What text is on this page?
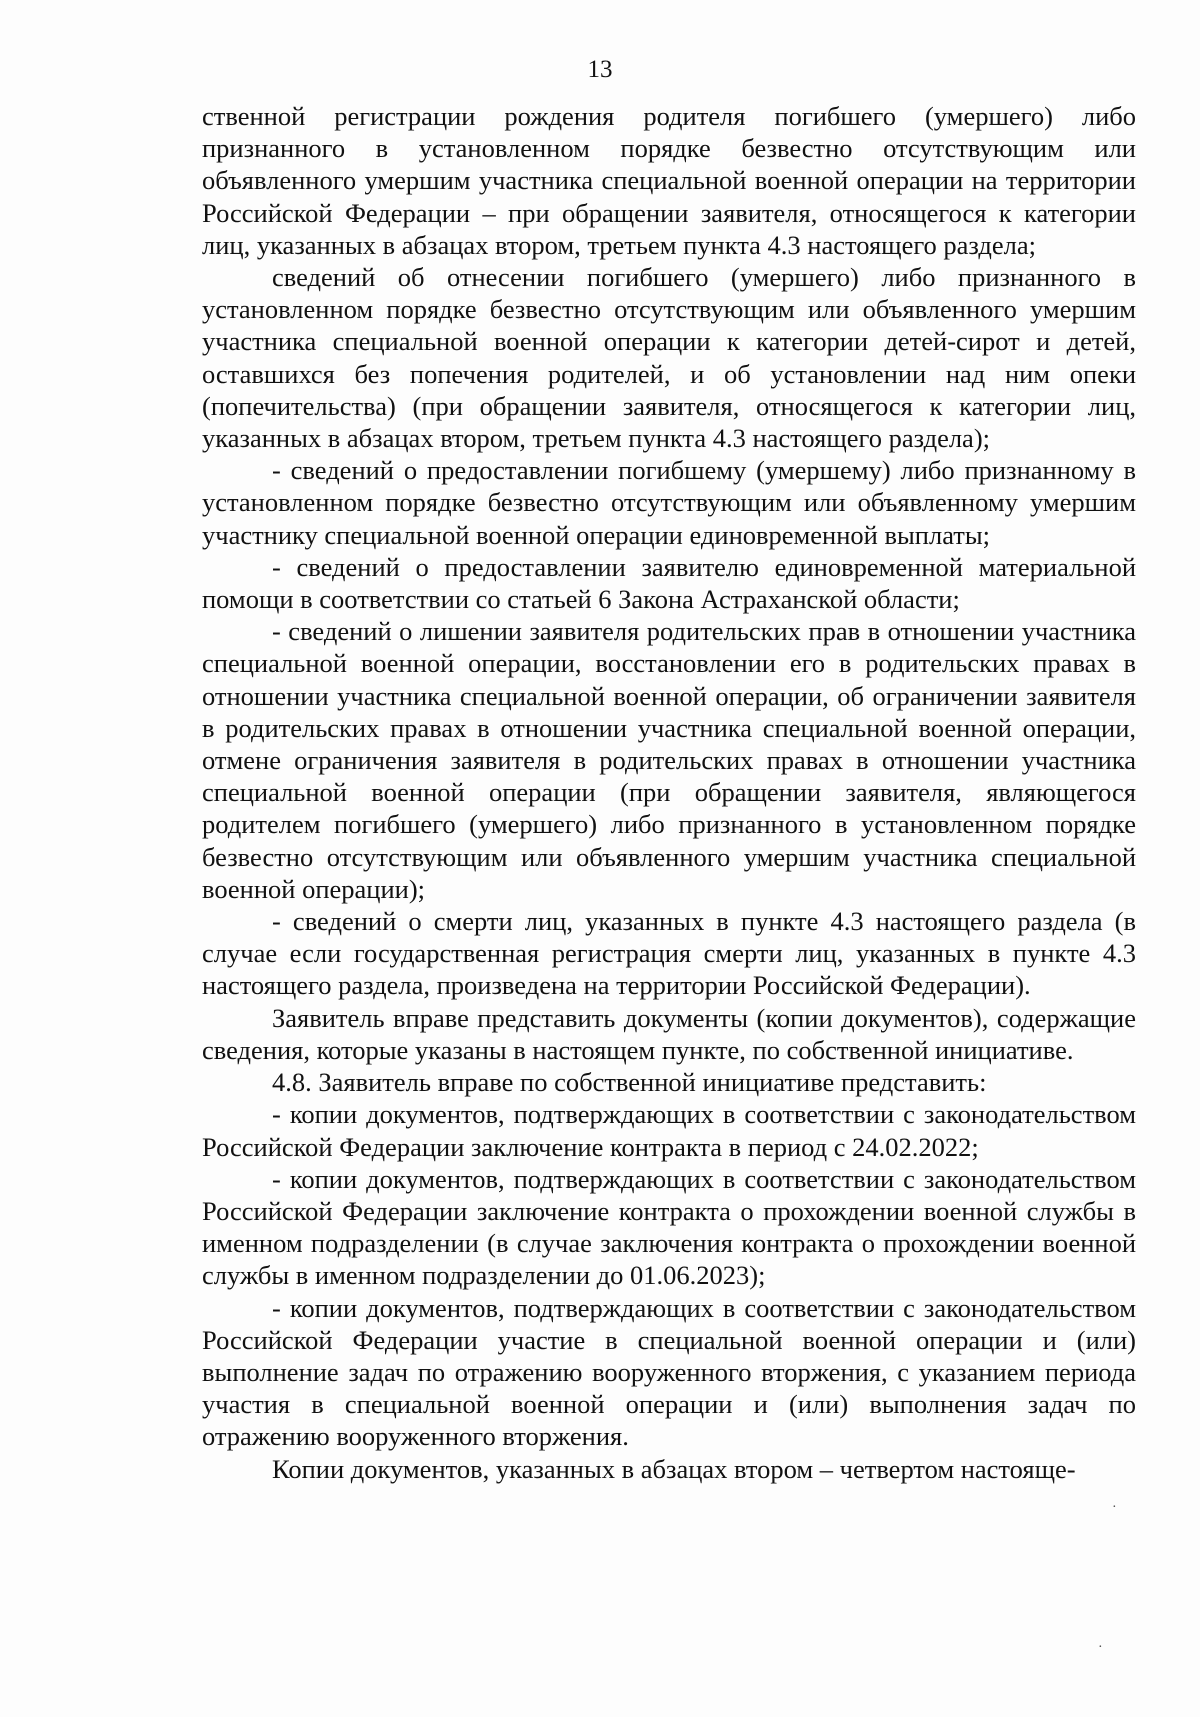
13

ственной регистрации рождения родителя погибшего (умершего) либо признанного в установленном порядке безвестно отсутствующим или объявленного умершим участника специальной военной операции на территории Российской Федерации – при обращении заявителя, относящегося к категории лиц, указанных в абзацах втором, третьем пункта 4.3 настоящего раздела;

сведений об отнесении погибшего (умершего) либо признанного в установленном порядке безвестно отсутствующим или объявленного умершим участника специальной военной операции к категории детей-сирот и детей, оставшихся без попечения родителей, и об установлении над ним опеки (попечительства) (при обращении заявителя, относящегося к категории лиц, указанных в абзацах втором, третьем пункта 4.3 настоящего раздела);

- сведений о предоставлении погибшему (умершему) либо признанному в установленном порядке безвестно отсутствующим или объявленному умершим участнику специальной военной операции единовременной выплаты;

- сведений о предоставлении заявителю единовременной материальной помощи в соответствии со статьей 6 Закона Астраханской области;

- сведений о лишении заявителя родительских прав в отношении участника специальной военной операции, восстановлении его в родительских правах в отношении участника специальной военной операции, об ограничении заявителя в родительских правах в отношении участника специальной военной операции, отмене ограничения заявителя в родительских правах в отношении участника специальной военной операции (при обращении заявителя, являющегося родителем погибшего (умершего) либо признанного в установленном порядке безвестно отсутствующим или объявленного умершим участника специальной военной операции);

- сведений о смерти лиц, указанных в пункте 4.3 настоящего раздела (в случае если государственная регистрация смерти лиц, указанных в пункте 4.3 настоящего раздела, произведена на территории Российской Федерации).

Заявитель вправе представить документы (копии документов), содержащие сведения, которые указаны в настоящем пункте, по собственной инициативе.

4.8. Заявитель вправе по собственной инициативе представить:

- копии документов, подтверждающих в соответствии с законодательством Российской Федерации заключение контракта в период с 24.02.2022;

- копии документов, подтверждающих в соответствии с законодательством Российской Федерации заключение контракта о прохождении военной службы в именном подразделении (в случае заключения контракта о прохождении военной службы в именном подразделении до 01.06.2023);

- копии документов, подтверждающих в соответствии с законодательством Российской Федерации участие в специальной военной операции и (или) выполнение задач по отражению вооруженного вторжения, с указанием периода участия в специальной военной операции и (или) выполнения задач по отражению вооруженного вторжения.

Копии документов, указанных в абзацах втором – четвертом настояще-

·
·
